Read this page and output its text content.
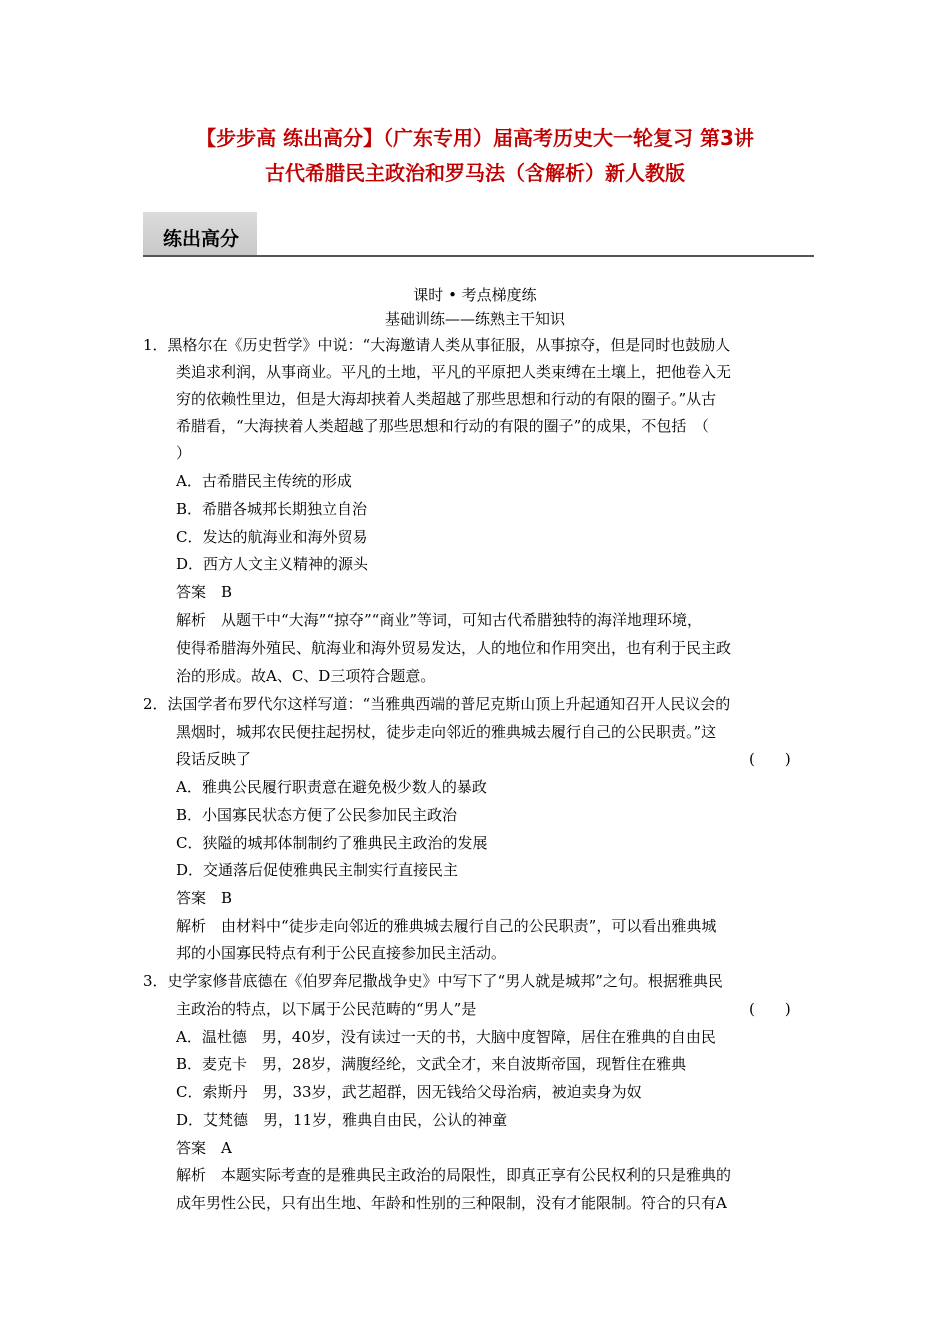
【步步高 练出高分】（广东专用）届高考历史大一轮复习 第3讲
古代希腊民主政治和罗马法（含解析）新人教版
练出高分
课时 • 考点梯度练
基础训练——练熟主干知识
1．黑格尔在《历史哲学》中说：“大海邀请人类从事征服，从事掠夺，但是同时也鼓励人
类追求利润，从事商业。平凡的土地，平凡的平原把人类束缚在土壤上，把他卷入无
穷的依赖性里边，但是大海却挟着人类超越了那些思想和行动的有限的圈子。”从古
希腊看，“大海挟着人类超越了那些思想和行动的有限的圈子”的成果，不包括　（
）
A．古希腊民主传统的形成
B．希腊各城邦长期独立自治
C．发达的航海业和海外贸易
D．西方人文主义精神的源头
答案　B
解析　从题干中“大海”“掠夺”“商业”等词，可知古代希腊独特的海洋地理环境，
使得希腊海外殖民、航海业和海外贸易发达，人的地位和作用突出，也有利于民主政
治的形成。故A、C、D三项符合题意。
2．法国学者布罗代尔这样写道：“当雅典西端的普尼克斯山顶上升起通知召开人民议会的
黑烟时，城邦农民便拄起拐杖，徒步走向邻近的雅典城去履行自己的公民职责。”这
段话反映了	(　　)
A．雅典公民履行职责意在避免极少数人的暴政
B．小国寡民状态方便了公民参加民主政治
C．狭隘的城邦体制制约了雅典民主政治的发展
D．交通落后促使雅典民主制实行直接民主
答案　B
解析　由材料中“徒步走向邻近的雅典城去履行自己的公民职责”，可以看出雅典城
邦的小国寡民特点有利于公民直接参加民主活动。
3．史学家修昔底德在《伯罗奔尼撒战争史》中写下了“男人就是城邦”之句。根据雅典民
主政治的特点，以下属于公民范畴的“男人”是	(　　)
A．温杜德　男，40岁，没有读过一天的书，大脑中度智障，居住在雅典的自由民
B．麦克卡　男，28岁，满腹经纶，文武全才，来自波斯帝国，现暂住在雅典
C．索斯丹　男，33岁，武艺超群，因无钱给父母治病，被迫卖身为奴
D．艾梵德　男，11岁，雅典自由民，公认的神童
答案　A
解析　本题实际考查的是雅典民主政治的局限性，即真正享有公民权利的只是雅典的
成年男性公民，只有出生地、年龄和性别的三种限制，没有才能限制。符合的只有A
